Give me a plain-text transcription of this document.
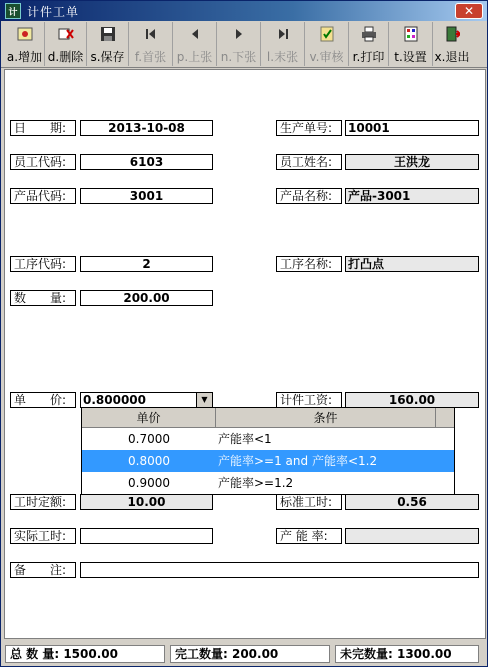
计 计件工单	✕
a.增加 d.删除 s.保存 f.首张 p.上张 n.下张 l.末张 v.审核 r.打印 t.设置 x.退出
日　　期:	2013-10-08	生产单号:	10001
员工代码:	6103	员工姓名:	王洪龙
产品代码:	3001	产品名称:	产品-3001
工序代码:	2	工序名称:	打凸点
数　　量:	200.00
单　　价:	0.800000	▼	计件工资:	160.00
单价	条件
0.7000	产能率<1
0.8000	产能率>=1 and 产能率<1.2
0.9000	产能率>=1.2
工时定额:	10.00	标准工时:	0.56
实际工时:	产 能 率:
备　　注:
总 数 量: 1500.00	完工数量: 200.00	未完数量: 1300.00
